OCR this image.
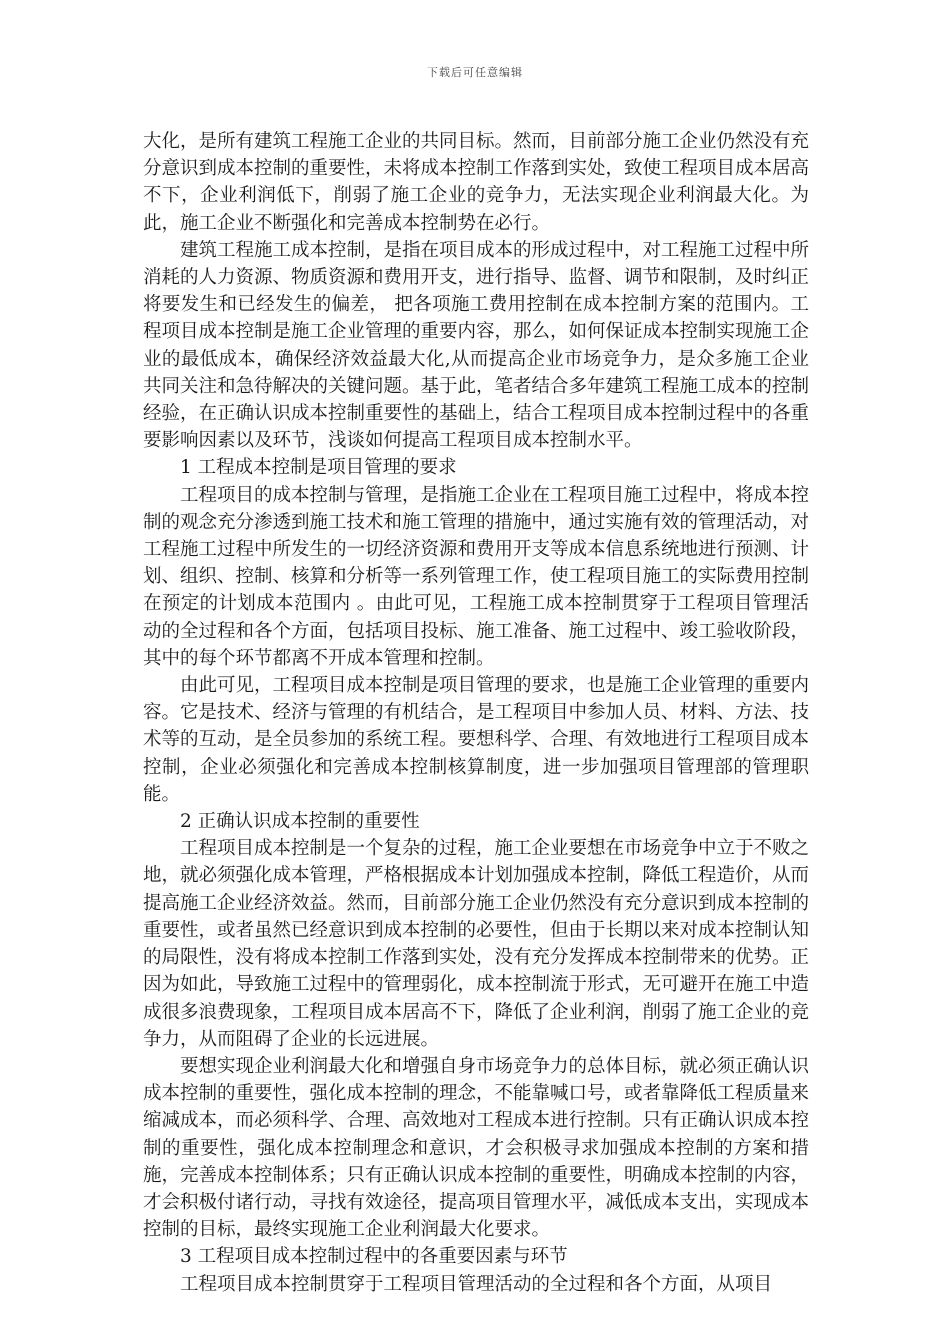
下载后可任意编辑

大化，是所有建筑工程施工企业的共同目标。然而，目前部分施工企业仍然没有充分意识到成本控制的重要性，未将成本控制工作落到实处，致使工程项目成本居高不下，企业利润低下，削弱了施工企业的竞争力，无法实现企业利润最大化。为此，施工企业不断强化和完善成本控制势在必行。

建筑工程施工成本控制，是指在项目成本的形成过程中，对工程施工过程中所消耗的人力资源、物质资源和费用开支，进行指导、监督、调节和限制，及时纠正将要发生和已经发生的偏差， 把各项施工费用控制在成本控制方案的范围内。工程项目成本控制是施工企业管理的重要内容，那么，如何保证成本控制实现施工企业的最低成本，确保经济效益最大化,从而提高企业市场竞争力，是众多施工企业共同关注和急待解决的关键问题。基于此，笔者结合多年建筑工程施工成本的控制经验，在正确认识成本控制重要性的基础上，结合工程项目成本控制过程中的各重要影响因素以及环节，浅谈如何提高工程项目成本控制水平。

1 工程成本控制是项目管理的要求

工程项目的成本控制与管理，是指施工企业在工程项目施工过程中，将成本控制的观念充分渗透到施工技术和施工管理的措施中，通过实施有效的管理活动，对工程施工过程中所发生的一切经济资源和费用开支等成本信息系统地进行预测、计划、组织、控制、核算和分析等一系列管理工作，使工程项目施工的实际费用控制在预定的计划成本范围内 。由此可见，工程施工成本控制贯穿于工程项目管理活动的全过程和各个方面，包括项目投标、施工准备、施工过程中、竣工验收阶段，其中的每个环节都离不开成本管理和控制。

由此可见，工程项目成本控制是项目管理的要求，也是施工企业管理的重要内容。它是技术、经济与管理的有机结合，是工程项目中参加人员、材料、方法、技术等的互动，是全员参加的系统工程。要想科学、合理、有效地进行工程项目成本控制，企业必须强化和完善成本控制核算制度，进一步加强项目管理部的管理职能。

2 正确认识成本控制的重要性

工程项目成本控制是一个复杂的过程，施工企业要想在市场竞争中立于不败之地，就必须强化成本管理，严格根据成本计划加强成本控制，降低工程造价，从而提高施工企业经济效益。然而，目前部分施工企业仍然没有充分意识到成本控制的重要性，或者虽然已经意识到成本控制的必要性，但由于长期以来对成本控制认知的局限性，没有将成本控制工作落到实处，没有充分发挥成本控制带来的优势。正因为如此，导致施工过程中的管理弱化，成本控制流于形式，无可避开在施工中造成很多浪费现象，工程项目成本居高不下，降低了企业利润，削弱了施工企业的竞争力，从而阻碍了企业的长远进展。

要想实现企业利润最大化和增强自身市场竞争力的总体目标，就必须正确认识成本控制的重要性，强化成本控制的理念，不能靠喊口号，或者靠降低工程质量来缩减成本，而必须科学、合理、高效地对工程成本进行控制。只有正确认识成本控制的重要性，强化成本控制理念和意识，才会积极寻求加强成本控制的方案和措施，完善成本控制体系；只有正确认识成本控制的重要性，明确成本控制的内容，才会积极付诸行动，寻找有效途径，提高项目管理水平，减低成本支出，实现成本控制的目标，最终实现施工企业利润最大化要求。

3 工程项目成本控制过程中的各重要因素与环节

工程项目成本控制贯穿于工程项目管理活动的全过程和各个方面，从项目
